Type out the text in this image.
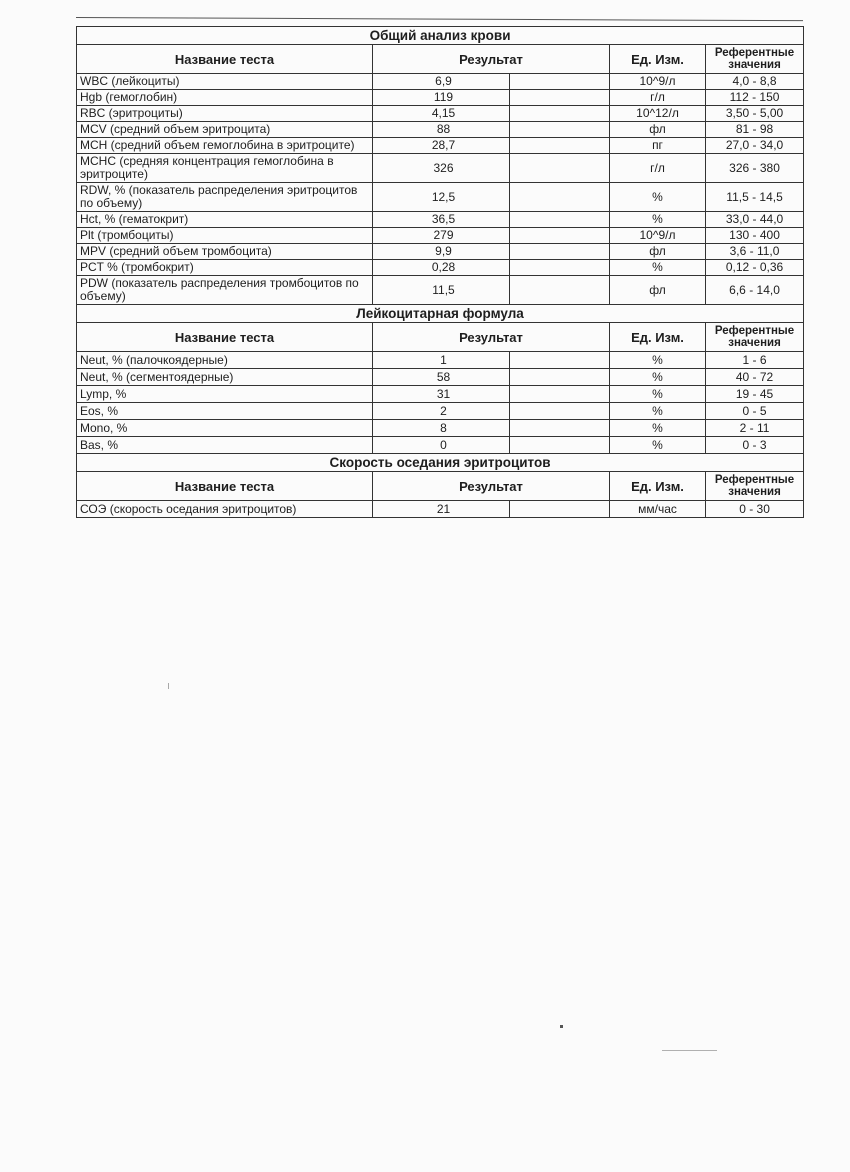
Общий анализ крови				
Название теста	Результат		Ед. Изм.	Референтные значения
WBC (лейкоциты)	6,9		10^9/л	4,0 - 8,8
Hgb (гемоглобин)	119		г/л	112 - 150
RBC (эритроциты)	4,15		10^12/л	3,50 - 5,00
MCV (средний объем эритроцита)	88		фл	81 - 98
MCH (средний объем гемоглобина в эритроците)	28,7		пг	27,0 - 34,0
MCHC (средняя концентрация гемоглобина в эритроците)	326		г/л	326 - 380
RDW, % (показатель распределения эритроцитов по объему)	12,5		%	11,5 - 14,5
Hct, % (гематокрит)	36,5		%	33,0 - 44,0
Plt (тромбоциты)	279		10^9/л	130 - 400
MPV (средний объем тромбоцита)	9,9		фл	3,6 - 11,0
PCT % (тромбокрит)	0,28		%	0,12 - 0,36
PDW (показатель распределения тромбоцитов по объему)	11,5		фл	6,6 - 14,0
Лейкоцитарная формула				
Название теста	Результат		Ед. Изм.	Референтные значения
Neut, % (палочкоядерные)	1		%	1 - 6
Neut, % (сегментоядерные)	58		%	40 - 72
Lymp, %	31		%	19 - 45
Eos, %	2		%	0 - 5
Mono, %	8		%	2 - 11
Bas, %	0		%	0 - 3
Скорость оседания эритроцитов				
Название теста	Результат		Ед. Изм.	Референтные значения
СОЭ (скорость оседания эритроцитов)	21		мм/час	0 - 30
